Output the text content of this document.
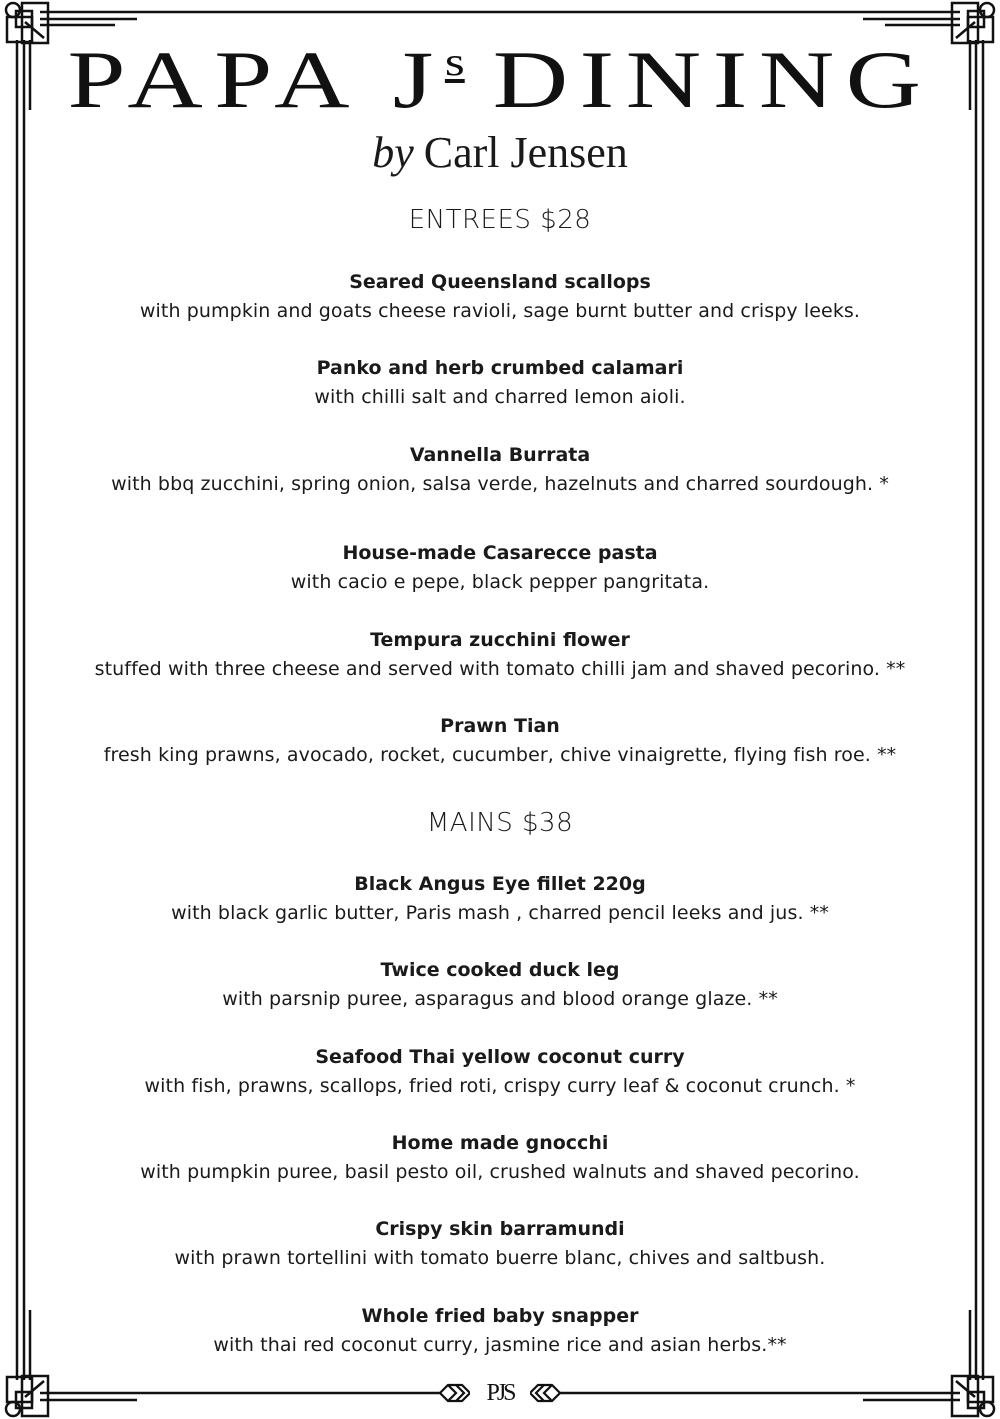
PAPA $J^s$ DINING
by Carl Jensen
ENTREES $28
Seared Queensland scallops
with pumpkin and goats cheese ravioli, sage burnt butter and crispy leeks.
Panko and herb crumbed calamari
with chilli salt and charred lemon aioli.
Vannella Burrata
with bbq zucchini, spring onion, salsa verde, hazelnuts and charred sourdough. *
House-made Casarecce pasta
with cacio e pepe, black pepper pangritata.
Tempura zucchini flower
stuffed with three cheese and served with tomato chilli jam and shaved pecorino. **
Prawn Tian
fresh king prawns, avocado, rocket, cucumber, chive vinaigrette, flying fish roe. **
MAINS $38
Black Angus Eye fillet 220g
with black garlic butter, Paris mash , charred pencil leeks and jus. **
Twice cooked duck leg
with parsnip puree, asparagus and blood orange glaze. **
Seafood Thai yellow coconut curry
with fish, prawns, scallops, fried roti, crispy curry leaf & coconut crunch. *
Home made gnocchi
with pumpkin puree, basil pesto oil, crushed walnuts and shaved pecorino.
Crispy skin barramundi
with prawn tortellini with tomato buerre blanc, chives and saltbush.
Whole fried baby snapper
with thai red coconut curry, jasmine rice and asian herbs.**
PJS
